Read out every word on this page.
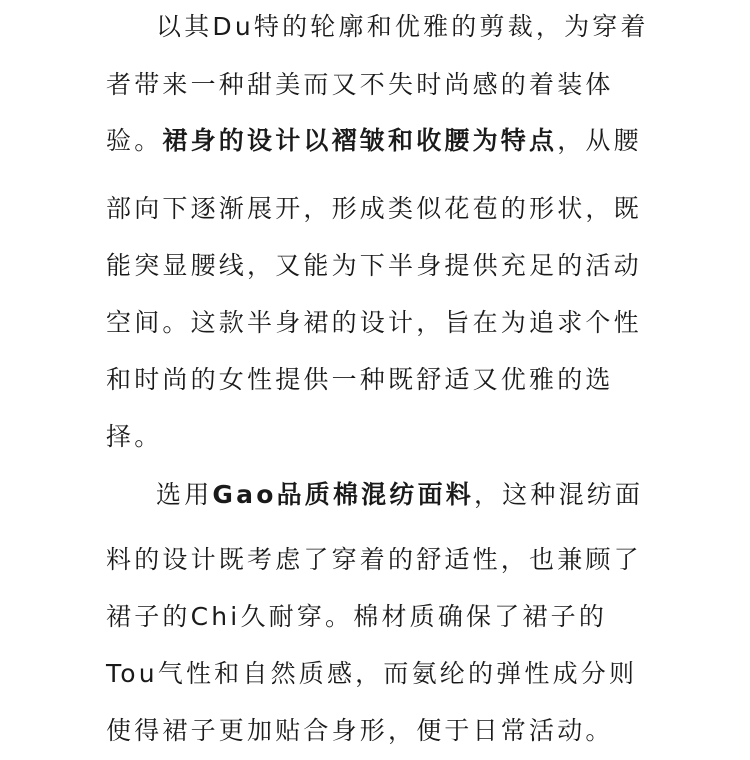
以其Du特的轮廓和优雅的剪裁，为穿着
者带来一种甜美而又不失时尚感的着装体
验。裙身的设计以褶皱和收腰为特点，从腰
部向下逐渐展开，形成类似花苞的形状，既
能突显腰线，又能为下半身提供充足的活动
空间。这款半身裙的设计，旨在为追求个性
和时尚的女性提供一种既舒适又优雅的选
择。
选用Gao品质棉混纺面料，这种混纺面
料的设计既考虑了穿着的舒适性，也兼顾了
裙子的Chi久耐穿。棉材质确保了裙子的
Tou气性和自然质感，而氨纶的弹性成分则
使得裙子更加贴合身形，便于日常活动。
